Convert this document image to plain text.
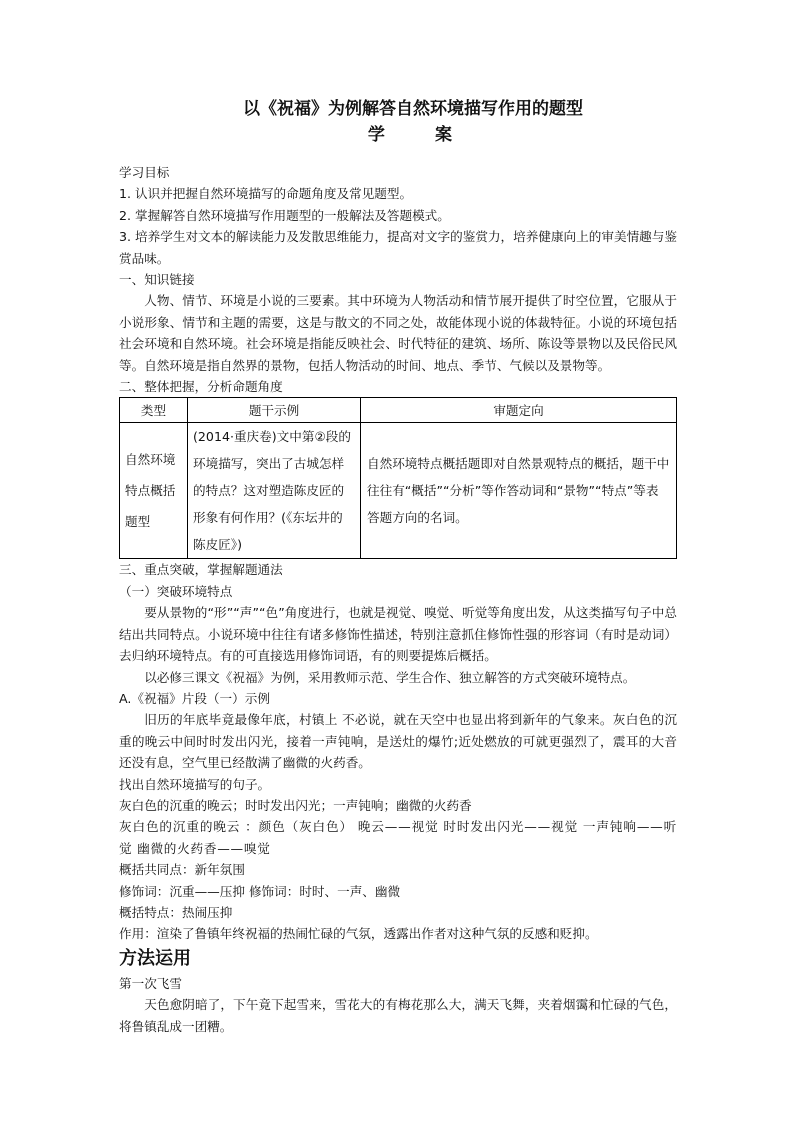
以《祝福》为例解答自然环境描写作用的题型
学 案

学习目标

1. 认识并把握自然环境描写的命题角度及常见题型。

2. 掌握解答自然环境描写作用题型的一般解法及答题模式。

3. 培养学生对文本的解读能力及发散思维能力，提高对文字的鉴赏力，培养健康向上的审美情趣与鉴赏品味。

一、知识链接

人物、情节、环境是小说的三要素。其中环境为人物活动和情节展开提供了时空位置，它服从于小说形象、情节和主题的需要，这是与散文的不同之处，故能体现小说的体裁特征。小说的环境包括社会环境和自然环境。社会环境是指能反映社会、时代特征的建筑、场所、陈设等景物以及民俗民风等。自然环境是指自然界的景物，包括人物活动的时间、地点、季节、气候以及景物等。

二、整体把握，分析命题角度

类型	题干示例	审题定向
自然环境特点概括题型	(2014·重庆卷)文中第②段的环境描写，突出了古城怎样的特点？这对塑造陈皮匠的形象有何作用？(《东坛井的陈皮匠》)	自然环境特点概括题即对自然景观特点的概括，题干中往往有“概括”“分析”等作答动词和“景物”“特点”等表答题方向的名词。

三、重点突破，掌握解题通法

（一）突破环境特点

要从景物的“形”“声”“色”角度进行，也就是视觉、嗅觉、听觉等角度出发，从这类描写句子中总结出共同特点。小说环境中往往有诸多修饰性描述，特别注意抓住修饰性强的形容词（有时是动词）去归纳环境特点。有的可直接选用修饰词语，有的则要提炼后概括。

以必修三课文《祝福》为例，采用教师示范、学生合作、独立解答的方式突破环境特点。

A.《祝福》片段（一）示例

旧历的年底毕竟最像年底，村镇上 不必说，就在天空中也显出将到新年的气象来。灰白色的沉重的晚云中间时时发出闪光，接着一声钝响，是送灶的爆竹;近处燃放的可就更强烈了，震耳的大音还没有息，空气里已经散满了幽微的火药香。

找出自然环境描写的句子。

灰白色的沉重的晚云；时时发出闪光；一声钝响；幽微的火药香

灰白色的沉重的晚云 ：颜色（灰白色） 晚云——视觉 时时发出闪光——视觉 一声钝响——听觉 幽微的火药香——嗅觉

概括共同点：新年氛围

修饰词：沉重——压抑 修饰词：时时、一声、幽微

概括特点：热闹压抑

作用：渲染了鲁镇年终祝福的热闹忙碌的气氛，透露出作者对这种气氛的反感和贬抑。

方法运用

第一次飞雪

天色愈阴暗了，下午竟下起雪来，雪花大的有梅花那么大，满天飞舞，夹着烟霭和忙碌的气色，将鲁镇乱成一团糟。
